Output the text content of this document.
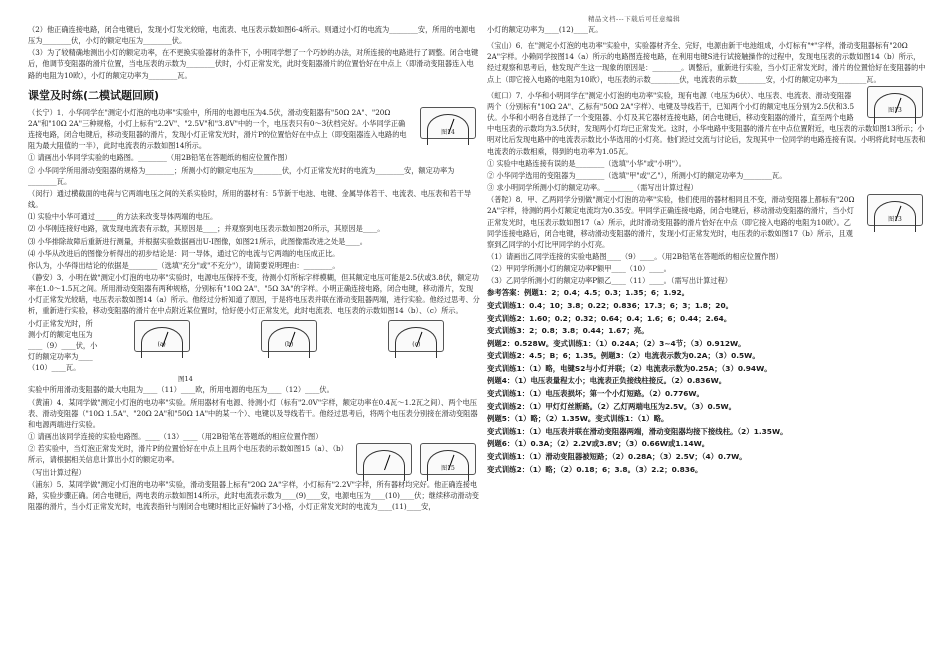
精品文档---下载后可任意编辑

（2）他正确连接电路，闭合电键后，发现小灯发光较暗，电流表、电压表示数如图6-4所示。则通过小灯的电流为________安，所用的电源电压为________伏，小灯的额定电压为________伏。

（3）为了较精确地测出小灯的额定功率，在不更换实验器材的条件下，小明同学想了一个巧妙的办法，对所连接的电路进行了调整。闭合电键后，他调节变阻器的滑片位置，当电压表的示数为________伏时，小灯正常发光，此时变阻器滑片的位置恰好在中点上（即滑动变阻器连入电路的电阻为10欧），小灯的额定功率为________瓦。

课堂及时练(二模试题回顾)
图14

（长宁）1．小华同学在"测定小灯泡的电功率"实验中，所用的电源电压为4.5伏，滑动变阻器有"50Ω 2A"、"20Ω 2A"和"10Ω 2A"三种规格，小灯上标有"2.2V"、"2.5V"和"3.8V"中的一个，电压表只有0～3伏档完好。小华同学正确连接电路，闭合电键后，移动变阻器的滑片，发现小灯正常发光时，滑片P的位置恰好在中点上（即变阻器连入电路的电阻为最大阻值的一半），此时电流表的示数如图14所示。

① 请画出小华同学实验的电路图。________（用2B铅笔在答题纸的相应位置作图）

② 小华同学所用滑动变阻器的规格为________；所测小灯的额定电压为________伏，小灯正常发光时的电流为________安，额定功率为________瓦。

（闵行）通过横截面的电荷与它两端电压之间的关系实验时，所用的器材有：5节新干电池、电键、金属导体若干、电流表、电压表和若干导线。

⑴ 实验中小华可通过______的方法来改变导体两端的电压。

⑵ 小华刚连接好电路，就发现电流表有示数，其原因是____；并观察到电压表示数如图20所示，其原因是____。

⑶ 小华排除故障后重新进行测量，并根据实验数据画出U-I图像，如图21所示，此图像需改进之处是____。

⑷ 小华从改进后的图像分析得出的初步结论是：同一导体，通过它的电流与它两端的电压成正比。

你认为，小华得出结论的依据是________（选填"充分"或"不充分"），请简要说明理由：________。

（静安）3．小明在做"测定小灯泡的电功率"实验时，电源电压保持不变，待测小灯所标字样模糊，但其额定电压可能是2.5伏或3.8伏，额定功率在1.0～1.5瓦之间。所用滑动变阻器有两种规格，分别标有"10Ω 2A"、"5Ω 3A"的字样。小明正确连接电路，闭合电键，移动滑片，发现小灯正常发光较暗，电压表示数如图14（a）所示。他经过分析知道了原因，于是将电压表并联在滑动变阻器两端，进行实验。他经过思考、分析，重新进行实验，移动变阻器的滑片在中点附近某位置时，恰好使小灯正常发光，此时电流表、电压表的示数如图14（b）、（c）所示。

小灯正常发光时，所测小灯的额定电压为____（9）____伏，小灯的额定功率为____（10）____瓦。

(a)	(b)	(c)
图14

实验中所用滑动变阻器的最大电阻为____（11）____欧，所用电源的电压为____（12）____伏。

（黄浦）4．某同学做"测定小灯泡的电功率"实验。所用器材有电源、待测小灯（标有"2.0V"字样，额定功率在0.4瓦～1.2瓦之间）、两个电压表、滑动变阻器（"10Ω 1.5A"、"20Ω 2A"和"50Ω 1A"中的某一个）、电键以及导线若干。他经过思考后，将两个电压表分别接在滑动变阻器和电源两端进行实验。

① 请画出该同学连接的实验电路图。____（13）____（用2B铅笔在答题纸的相应位置作图）

图15

② 若实验中，当灯泡正常发光时，滑片P的位置恰好在中点上且两个电压表的示数如图15（a）、（b）所示，请根据相关信息计算出小灯的额定功率。

（写出计算过程）

（浦东）5．某同学做"测定小灯泡的电功率"实验，滑动变阻器上标有"20Ω 2A"字样，小灯标有"2.2V"字样，所有器材均完好。他正确连接电路，实验步骤正确。闭合电键后，两电表的示数如图14所示，此时电流表示数为____(9)____安，电源电压为____(10)____伏；继续移动滑动变阻器的滑片，当小灯正常发光时，电流表指针与刚闭合电键时相比正好偏转了3小格，小灯正常发光时的电流为____(11)____安，

小灯的额定功率为____(12)____瓦。

（宝山）6．在"测定小灯泡的电功率"实验中，实验器材齐全、完好，电源由新干电池组成，小灯标有"*"字样，滑动变阻器标有"20Ω 2A"字样。小赖同学按图14（a）所示的电路图连接电路，在利用电键S进行试接触操作的过程中，发现电压表的示数如图14（b）所示，经过观察和思考后，他发现产生这一现象的原因是：________。调整后，重新进行实验，当小灯正常发光时，滑片的位置恰好在变阻器的中点上（即它接入电路的电阻为10欧），电压表的示数________伏，电流表的示数________安，小灯的额定功率为________瓦。

图13

（虹口）7．小华和小明同学在"测定小灯泡的电功率"实验，现有电源（电压为6伏）、电压表、电流表、滑动变阻器两个（分别标有"10Ω 2A"、乙标有"50Ω 2A"字样）、电键及导线若干，已知两个小灯的额定电压分别为2.5伏和3.5伏。小华和小明各自选择了一个变阻器、小灯及其它器材连接电路，闭合电键后，移动变阻器的滑片，直至两个电路中电压表的示数均为3.5伏时，发现两小灯均已正常发光。这时，小华电路中变阻器的滑片在中点位置附近，电压表的示数如图13所示；小明对比后发现电路中的电流表示数比小华选用的小灯亮。他们经过交流与讨论后，发现其中一位同学的电路连接有误。小明将此时电压表和电流表的示数相乘，得到的电功率为1.05瓦。

① 实验中电路连接有误的是________（选填"小华"或"小明"）。

② 小华同学选用的变阻器为________（选填"甲"或"乙"），所测小灯的额定功率为________瓦。

③ 求小明同学所测小灯的额定功率。________（需写出计算过程）

图13

（普陀）8．甲、乙两同学分别做"测定小灯泡的功率"实验，他们使用的器材相同且不变，滑动变阻器上都标有"20Ω 2A"字样，待测的两小灯额定电流均为0.35安。甲同学正确连接电路，闭合电键后，移动滑动变阻器的滑片，当小灯正常发光时，电压表示数如图17（a）所示，此时滑动变阻器的滑片恰好在中点（即它接入电路的电阻为10欧）。乙同学连接电路后，闭合电键，移动滑动变阻器的滑片，发现小灯正常发光时，电压表的示数如图17（b）所示，且观察到乙同学的小灯比甲同学的小灯亮。

（1）请画出乙同学连接的实验电路图____（9）____。（用2B铅笔在答题纸的相应位置作图）

（2）甲同学所测小灯的额定功率P额甲____（10）____。

（3）乙同学所测小灯的额定功率P额乙____（11）____。（需写出计算过程）

参考答案：例题1：2；0.4；4.5；0.3；1.35；6；1.92。

变式训练1：0.4；10；3.8；0.22；0.836；17.3；6；3；1.8；20。

变式训练2：1.60；0.2；0.32；0.64；0.4；1.6；6；0.44；2.64。

变式训练3：2；0.8；3.8；0.44；1.67；亮。

例题2：0.528W。变式训练1：（1）0.24A；（2）3~4节；（3）0.912W。

变式训练2：4.5；B；6；1.35。例题3：（2）电流表示数为0.2A；（3）0.5W。

变式训练1：（1）略，电键S2与小灯并联；（2）电流表示数为0.25A；（3）0.94W。

例题4：（1）电压表量程太小；电流表正负接线柱接反。（2）0.836W。

变式训练1：（1）电压表损坏；第一个小灯短路。（2）0.776W。

变式训练2：（1）甲灯灯丝断路。（2）乙灯两端电压为2.5V。（3）0.5W。

例题5：（1）略；（2）1.35W。变式训练1：（1）略。

变式训练1：（1）电压表并联在滑动变阻器两端，滑动变阻器均接下接线柱。（2）1.35W。

例题6：（1）0.3A；（2）2.2V或3.8V；（3）0.66W或1.14W。

变式训练1：（1）滑动变阻器被短路；（2）0.28A；（3）2.5V；（4）0.7W。

变式训练2：（1）略；（2）0.18；6；3.8。（3）2.2；0.836。
